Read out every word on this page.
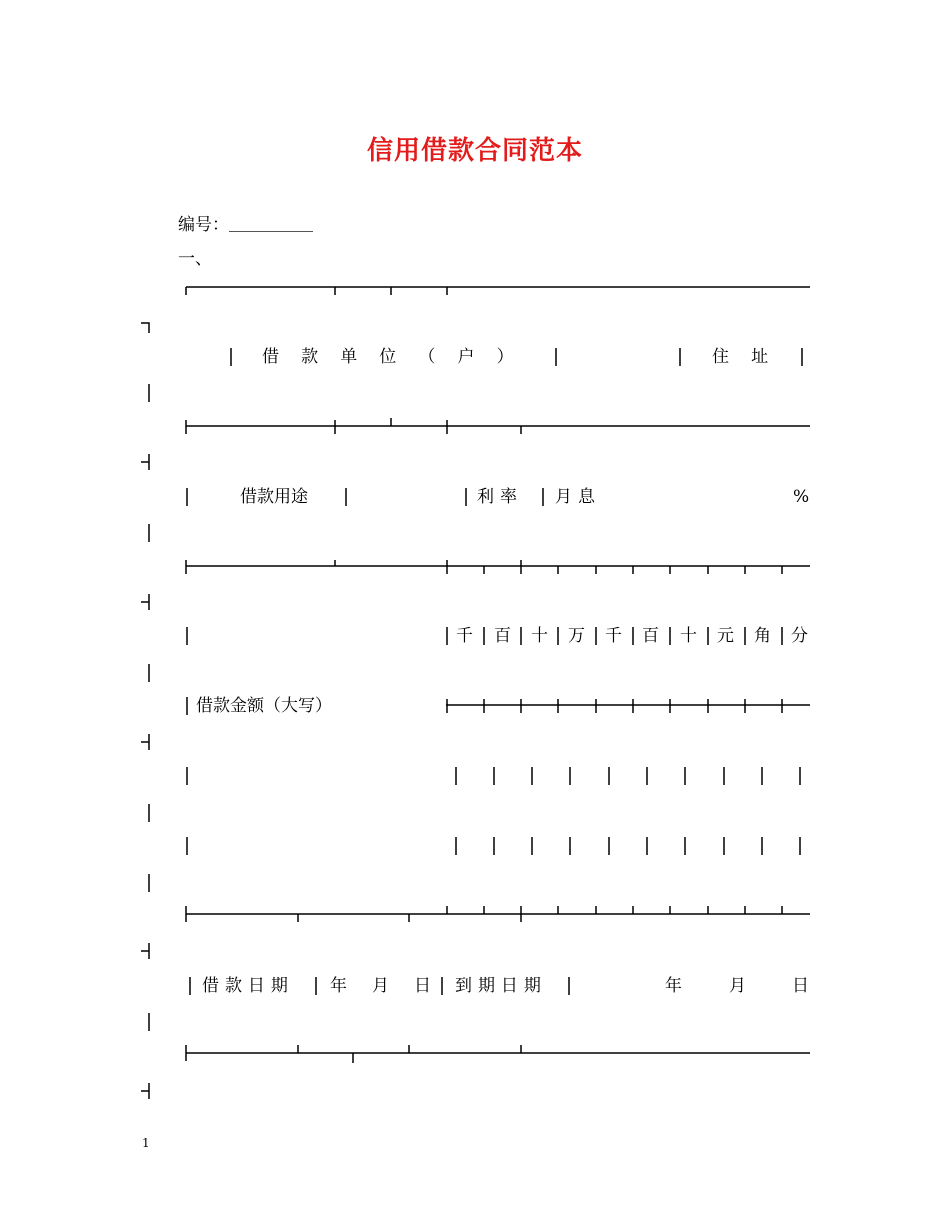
信用借款合同范本
编号：
一、
借款单位（户）	住址
借款用途	利率 月息	%
千 百 十 万 千 百 十 元 角 分
借款金额（大写）
借款日期 年 月 日 到期日期	年	月	日
1
